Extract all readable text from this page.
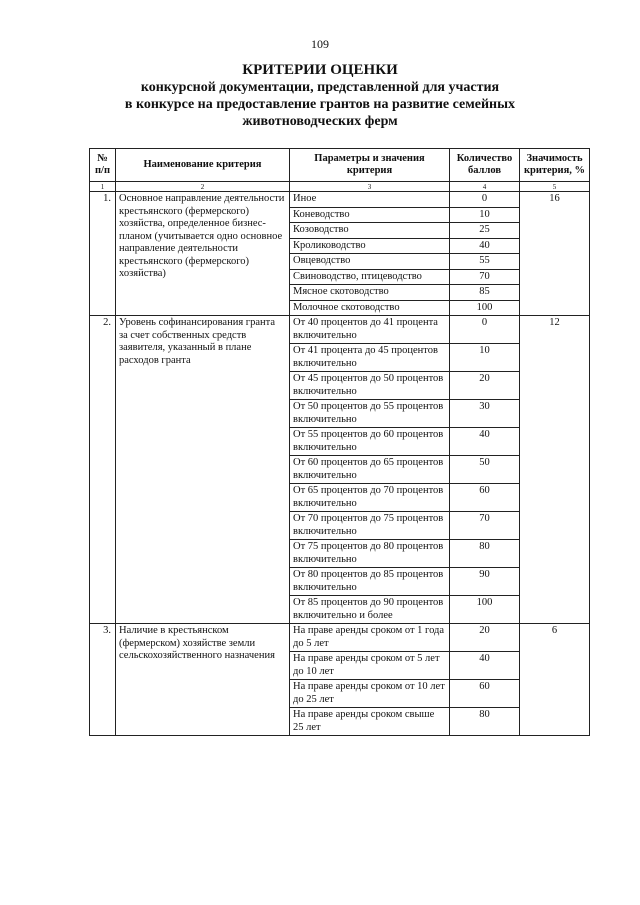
109
КРИТЕРИИ ОЦЕНКИ
конкурсной документации, представленной для участия
в конкурсе на предоставление грантов на развитие семейных
животноводческих ферм
№ п/п	Наименование критерия	Параметры и значения критерия	Количество баллов	Значимость критерия, %
1	2	3	4	5
1.	Основное направление деятельности крестьянского (фермерского) хозяйства, определенное бизнес-планом (учитывается одно основное направление деятельности крестьянского (фермерского) хозяйства)	Иное	0	16
		Коневодство	10	
		Козоводство	25	
		Кролиководство	40	
		Овцеводство	55	
		Свиноводство, птицеводство	70	
		Мясное скотоводство	85	
		Молочное скотоводство	100	
2.	Уровень софинансирования гранта за счет собственных средств заявителя, указанный в плане расходов гранта	От 40 процентов до 41 процента включительно	0	12
		От 41 процента до 45 процентов включительно	10	
		От 45 процентов до 50 процентов включительно	20	
		От 50 процентов до 55 процентов включительно	30	
		От 55 процентов до 60 процентов включительно	40	
		От 60 процентов до 65 процентов включительно	50	
		От 65 процентов до 70 процентов включительно	60	
		От 70 процентов до 75 процентов включительно	70	
		От 75 процентов до 80 процентов включительно	80	
		От 80 процентов до 85 процентов включительно	90	
		От 85 процентов до 90 процентов включительно и более	100	
3.	Наличие в крестьянском (фермерском) хозяйстве земли сельскохозяйственного назначения	На праве аренды сроком от 1 года до 5 лет	20	6
		На праве аренды сроком от 5 лет до 10 лет	40	
		На праве аренды сроком от 10 лет до 25 лет	60	
		На праве аренды сроком свыше 25 лет	80	
